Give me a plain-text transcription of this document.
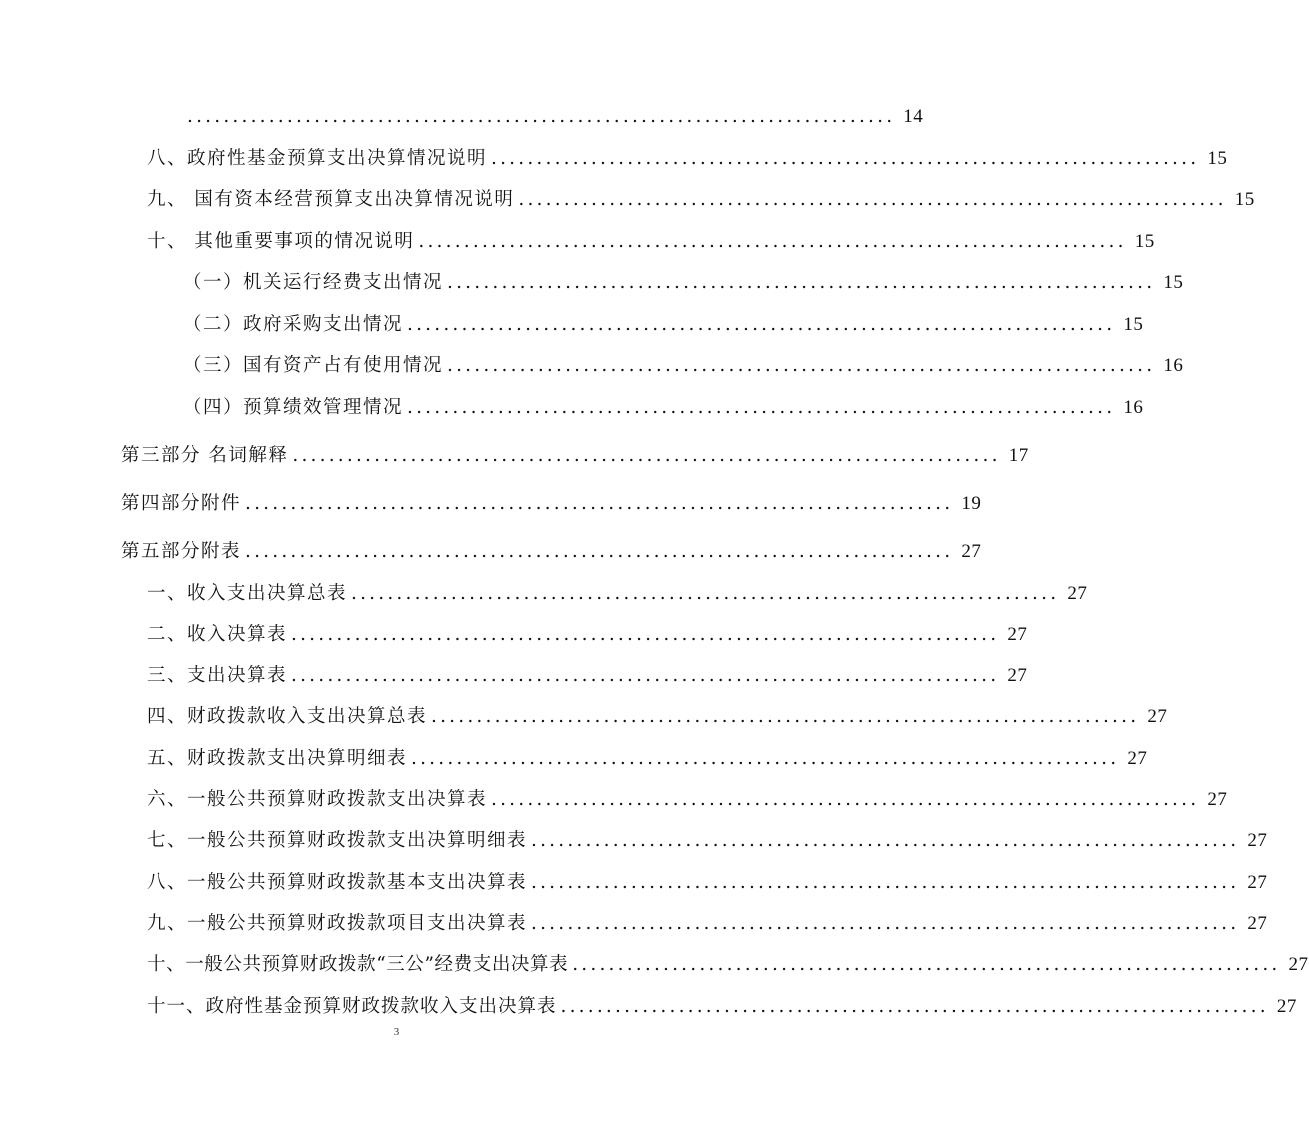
.............................................................................. 14
八、政府性基金预算支出决算情况说明 .............................................................................. 15
九、 国有资本经营预算支出决算情况说明 .............................................................................. 15
十、 其他重要事项的情况说明 .............................................................................. 15
（一）机关运行经费支出情况 .............................................................................. 15
（二）政府采购支出情况 .............................................................................. 15
（三）国有资产占有使用情况 .............................................................................. 16
（四）预算绩效管理情况 .............................................................................. 16
第三部分 名词解释 .............................................................................. 17
第四部分附件 .............................................................................. 19
第五部分附表 .............................................................................. 27
一、收入支出决算总表 .............................................................................. 27
二、收入决算表 .............................................................................. 27
三、支出决算表 .............................................................................. 27
四、财政拨款收入支出决算总表 .............................................................................. 27
五、财政拨款支出决算明细表 .............................................................................. 27
六、一般公共预算财政拨款支出决算表 .............................................................................. 27
七、一般公共预算财政拨款支出决算明细表 .............................................................................. 27
八、一般公共预算财政拨款基本支出决算表 .............................................................................. 27
九、一般公共预算财政拨款项目支出决算表 .............................................................................. 27
十、一般公共预算财政拨款“三公”经费支出决算表 .............................................................................. 27
十一、政府性基金预算财政拨款收入支出决算表 .............................................................................. 27
3
